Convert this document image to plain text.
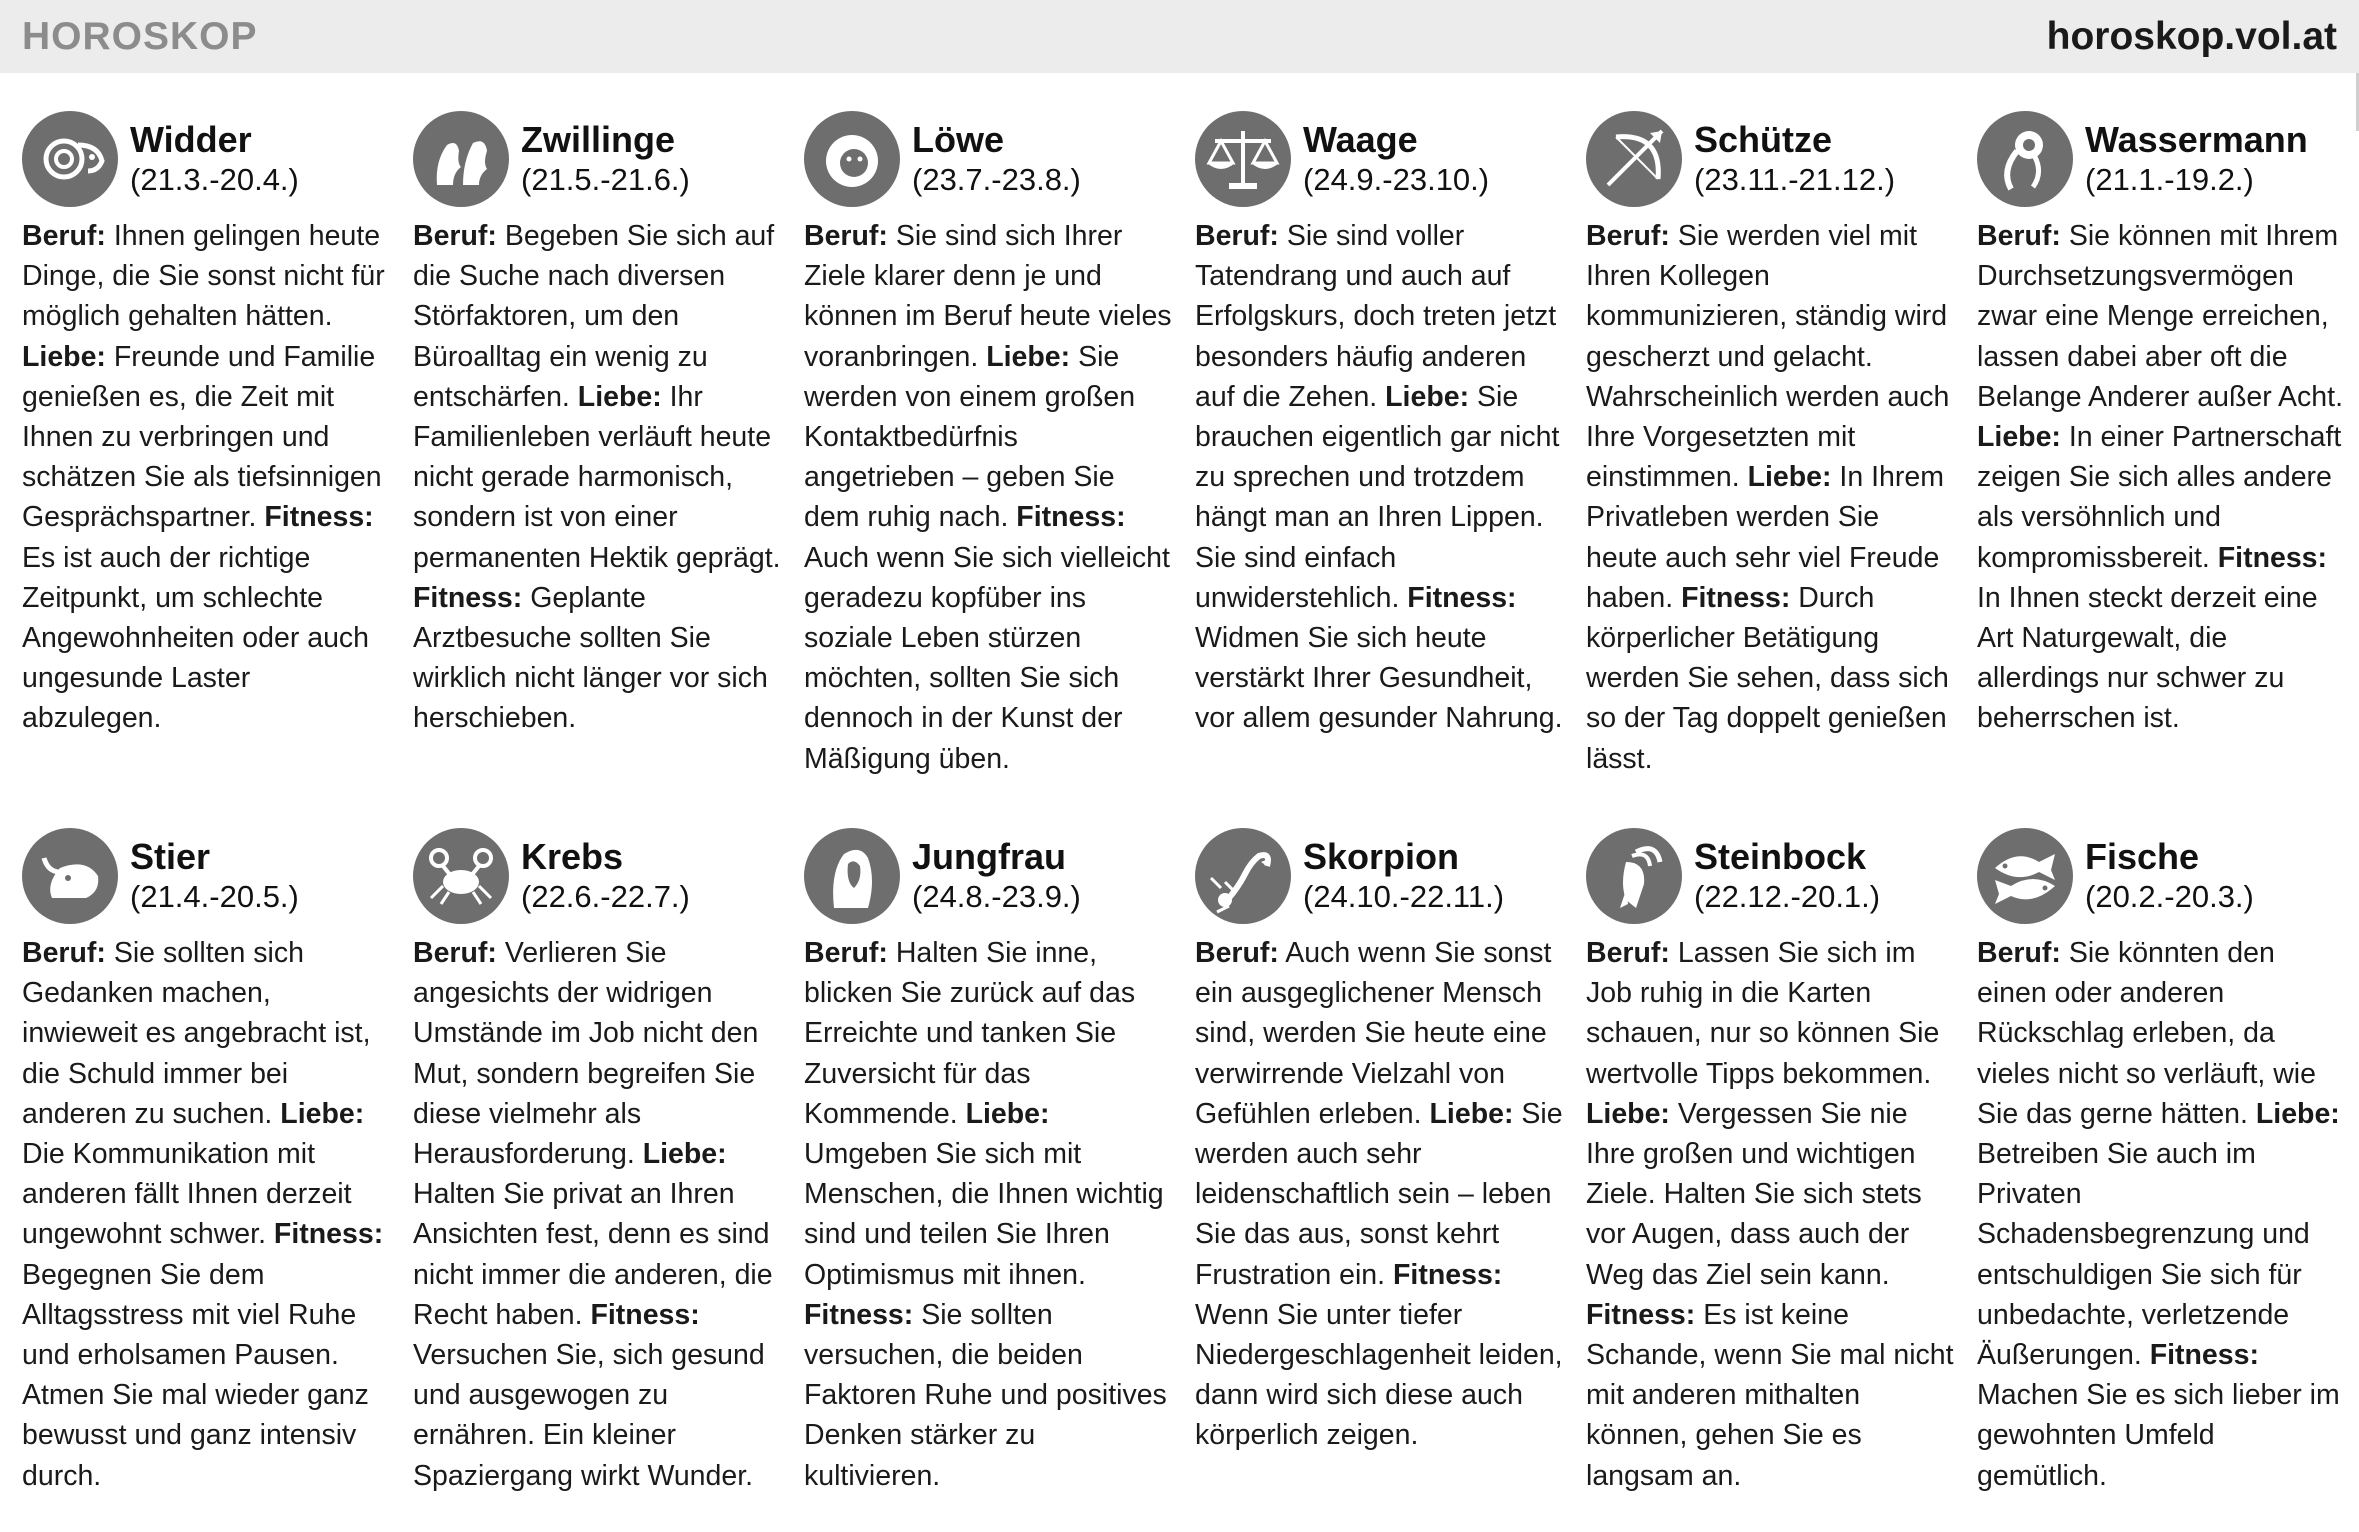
HOROSKOP	horoskop.vol.at
Widder
(21.3.-20.4.)

Beruf: Ihnen gelingen heute Dinge, die Sie sonst nicht für möglich gehalten hätten. Liebe: Freunde und Familie genießen es, die Zeit mit Ihnen zu verbringen und schätzen Sie als tiefsinnigen Gesprächspartner. Fitness: Es ist auch der richtige Zeitpunkt, um schlechte Angewohnheiten oder auch ungesunde Laster abzulegen.

Zwillinge
(21.5.-21.6.)

Beruf: Begeben Sie sich auf die Suche nach diversen Störfaktoren, um den Büroalltag ein wenig zu entschärfen. Liebe: Ihr Familienleben verläuft heute nicht gerade harmonisch, sondern ist von einer permanenten Hektik geprägt. Fitness: Geplante Arztbesuche sollten Sie wirklich nicht länger vor sich herschieben.

Löwe
(23.7.-23.8.)

Beruf: Sie sind sich Ihrer Ziele klarer denn je und können im Beruf heute vieles voranbringen. Liebe: Sie werden von einem großen Kontaktbedürfnis angetrieben – geben Sie dem ruhig nach. Fitness: Auch wenn Sie sich vielleicht geradezu kopfüber ins soziale Leben stürzen möchten, sollten Sie sich dennoch in der Kunst der Mäßigung üben.

Waage
(24.9.-23.10.)

Beruf: Sie sind voller Tatendrang und auch auf Erfolgskurs, doch treten jetzt besonders häufig anderen auf die Zehen. Liebe: Sie brauchen eigentlich gar nicht zu sprechen und trotzdem hängt man an Ihren Lippen. Sie sind einfach unwiderstehlich. Fitness: Widmen Sie sich heute verstärkt Ihrer Gesundheit, vor allem gesunder Nahrung.

Schütze
(23.11.-21.12.)

Beruf: Sie werden viel mit Ihren Kollegen kommunizieren, ständig wird gescherzt und gelacht. Wahrscheinlich werden auch Ihre Vorgesetzten mit einstimmen. Liebe: In Ihrem Privatleben werden Sie heute auch sehr viel Freude haben. Fitness: Durch körperlicher Betätigung werden Sie sehen, dass sich so der Tag doppelt genießen lässt.

Wassermann
(21.1.-19.2.)

Beruf: Sie können mit Ihrem Durchsetzungsvermögen zwar eine Menge erreichen, lassen dabei aber oft die Belange Anderer außer Acht. Liebe: In einer Partnerschaft zeigen Sie sich alles andere als versöhnlich und kompromissbereit. Fitness: In Ihnen steckt derzeit eine Art Naturgewalt, die allerdings nur schwer zu beherrschen ist.

Stier
(21.4.-20.5.)

Beruf: Sie sollten sich Gedanken machen, inwieweit es angebracht ist, die Schuld immer bei anderen zu suchen. Liebe: Die Kommunikation mit anderen fällt Ihnen derzeit ungewohnt schwer. Fitness: Begegnen Sie dem Alltagsstress mit viel Ruhe und erholsamen Pausen. Atmen Sie mal wieder ganz bewusst und ganz intensiv durch.

Krebs
(22.6.-22.7.)

Beruf: Verlieren Sie angesichts der widrigen Umstände im Job nicht den Mut, sondern begreifen Sie diese vielmehr als Herausforderung. Liebe: Halten Sie privat an Ihren Ansichten fest, denn es sind nicht immer die anderen, die Recht haben. Fitness: Versuchen Sie, sich gesund und ausgewogen zu ernähren. Ein kleiner Spaziergang wirkt Wunder.

Jungfrau
(24.8.-23.9.)

Beruf: Halten Sie inne, blicken Sie zurück auf das Erreichte und tanken Sie Zuversicht für das Kommende. Liebe: Umgeben Sie sich mit Menschen, die Ihnen wichtig sind und teilen Sie Ihren Optimismus mit ihnen. Fitness: Sie sollten versuchen, die beiden Faktoren Ruhe und positives Denken stärker zu kultivieren.

Skorpion
(24.10.-22.11.)

Beruf: Auch wenn Sie sonst ein ausgeglichener Mensch sind, werden Sie heute eine verwirrende Vielzahl von Gefühlen erleben. Liebe: Sie werden auch sehr leidenschaftlich sein – leben Sie das aus, sonst kehrt Frustration ein. Fitness: Wenn Sie unter tiefer Niedergeschlagenheit leiden, dann wird sich diese auch körperlich zeigen.

Steinbock
(22.12.-20.1.)

Beruf: Lassen Sie sich im Job ruhig in die Karten schauen, nur so können Sie wertvolle Tipps bekommen. Liebe: Vergessen Sie nie Ihre großen und wichtigen Ziele. Halten Sie sich stets vor Augen, dass auch der Weg das Ziel sein kann. Fitness: Es ist keine Schande, wenn Sie mal nicht mit anderen mithalten können, gehen Sie es langsam an.

Fische
(20.2.-20.3.)

Beruf: Sie könnten den einen oder anderen Rückschlag erleben, da vieles nicht so verläuft, wie Sie das gerne hätten. Liebe: Betreiben Sie auch im Privaten Schadensbegrenzung und entschuldigen Sie sich für unbedachte, verletzende Äußerungen. Fitness: Machen Sie es sich lieber im gewohnten Umfeld gemütlich.
